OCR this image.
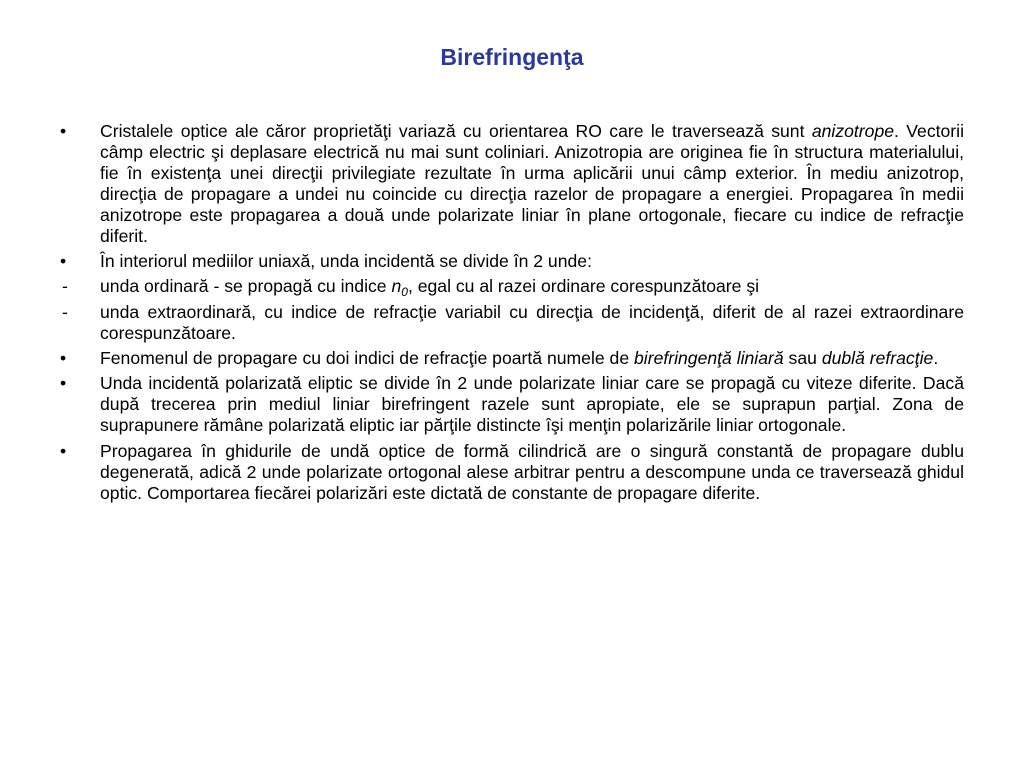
Birefringenţa
•	Cristalele optice ale căror proprietăţi variază cu orientarea RO care le traversează sunt anizotrope. Vectorii câmp electric şi deplasare electrică nu mai sunt coliniari. Anizotropia are originea fie în structura materialului, fie în existenţa unei direcţii privilegiate rezultate în urma aplicării unui câmp exterior. În mediu anizotrop, direcţia de propagare a undei nu coincide cu direcţia razelor de propagare a energiei. Propagarea în medii anizotrope este propagarea a două unde polarizate liniar în plane ortogonale, fiecare cu indice de refracţie diferit.
•	În interiorul mediilor uniaxă, unda incidentă se divide în 2 unde:
-	unda ordinară - se propagă cu indice $n_0$, egal cu al razei ordinare corespunzătoare şi
-	unda extraordinară, cu indice de refracţie variabil cu direcţia de incidenţă, diferit de al razei extraordinare corespunzătoare.
•	Fenomenul de propagare cu doi indici de refracţie poartă numele de birefringenţă liniară sau dublă refracţie.
•	Unda incidentă polarizată eliptic se divide în 2 unde polarizate liniar care se propagă cu viteze diferite. Dacă după trecerea prin mediul liniar birefringent razele sunt apropiate, ele se suprapun parţial. Zona de suprapunere rămâne polarizată eliptic iar părţile distincte îşi menţin polarizările liniar ortogonale.
•	Propagarea în ghidurile de undă optice de formă cilindrică are o singură constantă de propagare dublu degenerată, adică 2 unde polarizate ortogonal alese arbitrar pentru a descompune unda ce traversează ghidul optic. Comportarea fiecărei polarizări este dictată de constante de propagare diferite.
